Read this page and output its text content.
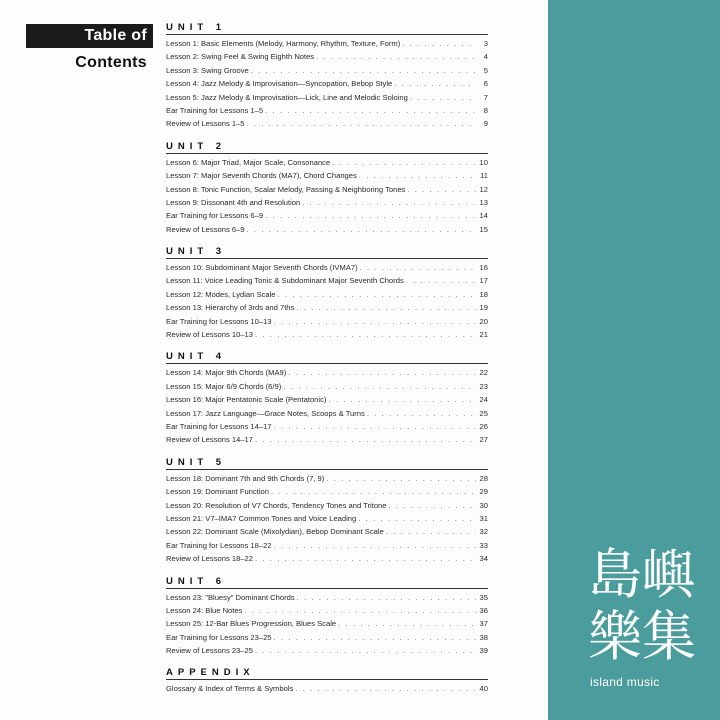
Table of
Contents
UNIT 1
Lesson 1: Basic Elements (Melody, Harmony, Rhythm, Texture, Form) . . .	3
Lesson 2: Swing Feel & Swing Eighth Notes . . .	4
Lesson 3: Swing Groove . . .	5
Lesson 4: Jazz Melody & Improvisation—Syncopation, Bebop Style . . .	6
Lesson 5: Jazz Melody & Improvisation—Lick, Line and Melodic Soloing . . .	7
Ear Training for Lessons 1–5 . . .	8
Review of Lessons 1–5 . . .	9
UNIT 2
Lesson 6: Major Triad, Major Scale, Consonance . . .	10
Lesson 7: Major Seventh Chords (MA7), Chord Changes . . .	11
Lesson 8: Tonic Function, Scalar Melody, Passing & Neighboring Tones . . .	12
Lesson 9: Dissonant 4th and Resolution . . .	13
Ear Training for Lessons 6–9 . . .	14
Review of Lessons 6–9 . . .	15
UNIT 3
Lesson 10: Subdominant Major Seventh Chords (IVMA7) . . .	16
Lesson 11: Voice Leading Tonic & Subdominant Major Seventh Chords . . .	17
Lesson 12: Modes, Lydian Scale . . .	18
Lesson 13: Hierarchy of 3rds and 7ths . . .	19
Ear Training for Lessons 10–13 . . .	20
Review of Lessons 10–13 . . .	21
UNIT 4
Lesson 14: Major 9th Chords (MA9) . . .	22
Lesson 15: Major 6/9 Chords (6/9) . . .	23
Lesson 16: Major Pentatonic Scale (Pentatonic) . . .	24
Lesson 17: Jazz Language—Grace Notes, Scoops & Turns . . .	25
Ear Training for Lessons 14–17 . . .	26
Review of Lessons 14–17 . . .	27
UNIT 5
Lesson 18: Dominant 7th and 9th Chords (7, 9) . . .	28
Lesson 19: Dominant Function . . .	29
Lesson 20: Resolution of V7 Chords, Tendency Tones and Tritone . . .	30
Lesson 21: V7–IMA7 Common Tones and Voice Leading . . .	31
Lesson 22: Dominant Scale (Mixolydian), Bebop Dominant Scale . . .	32
Ear Training for Lessons 18–22 . . .	33
Review of Lessons 18–22 . . .	34
UNIT 6
Lesson 23: "Bluesy" Dominant Chords . . .	35
Lesson 24: Blue Notes . . .	36
Lesson 25: 12-Bar Blues Progression, Blues Scale . . .	37
Ear Training for Lessons 23–25 . . .	38
Review of Lessons 23–25 . . .	39
APPENDIX
Glossary & Index of Terms & Symbols . . .	40
島 嶼
樂 集
island music
